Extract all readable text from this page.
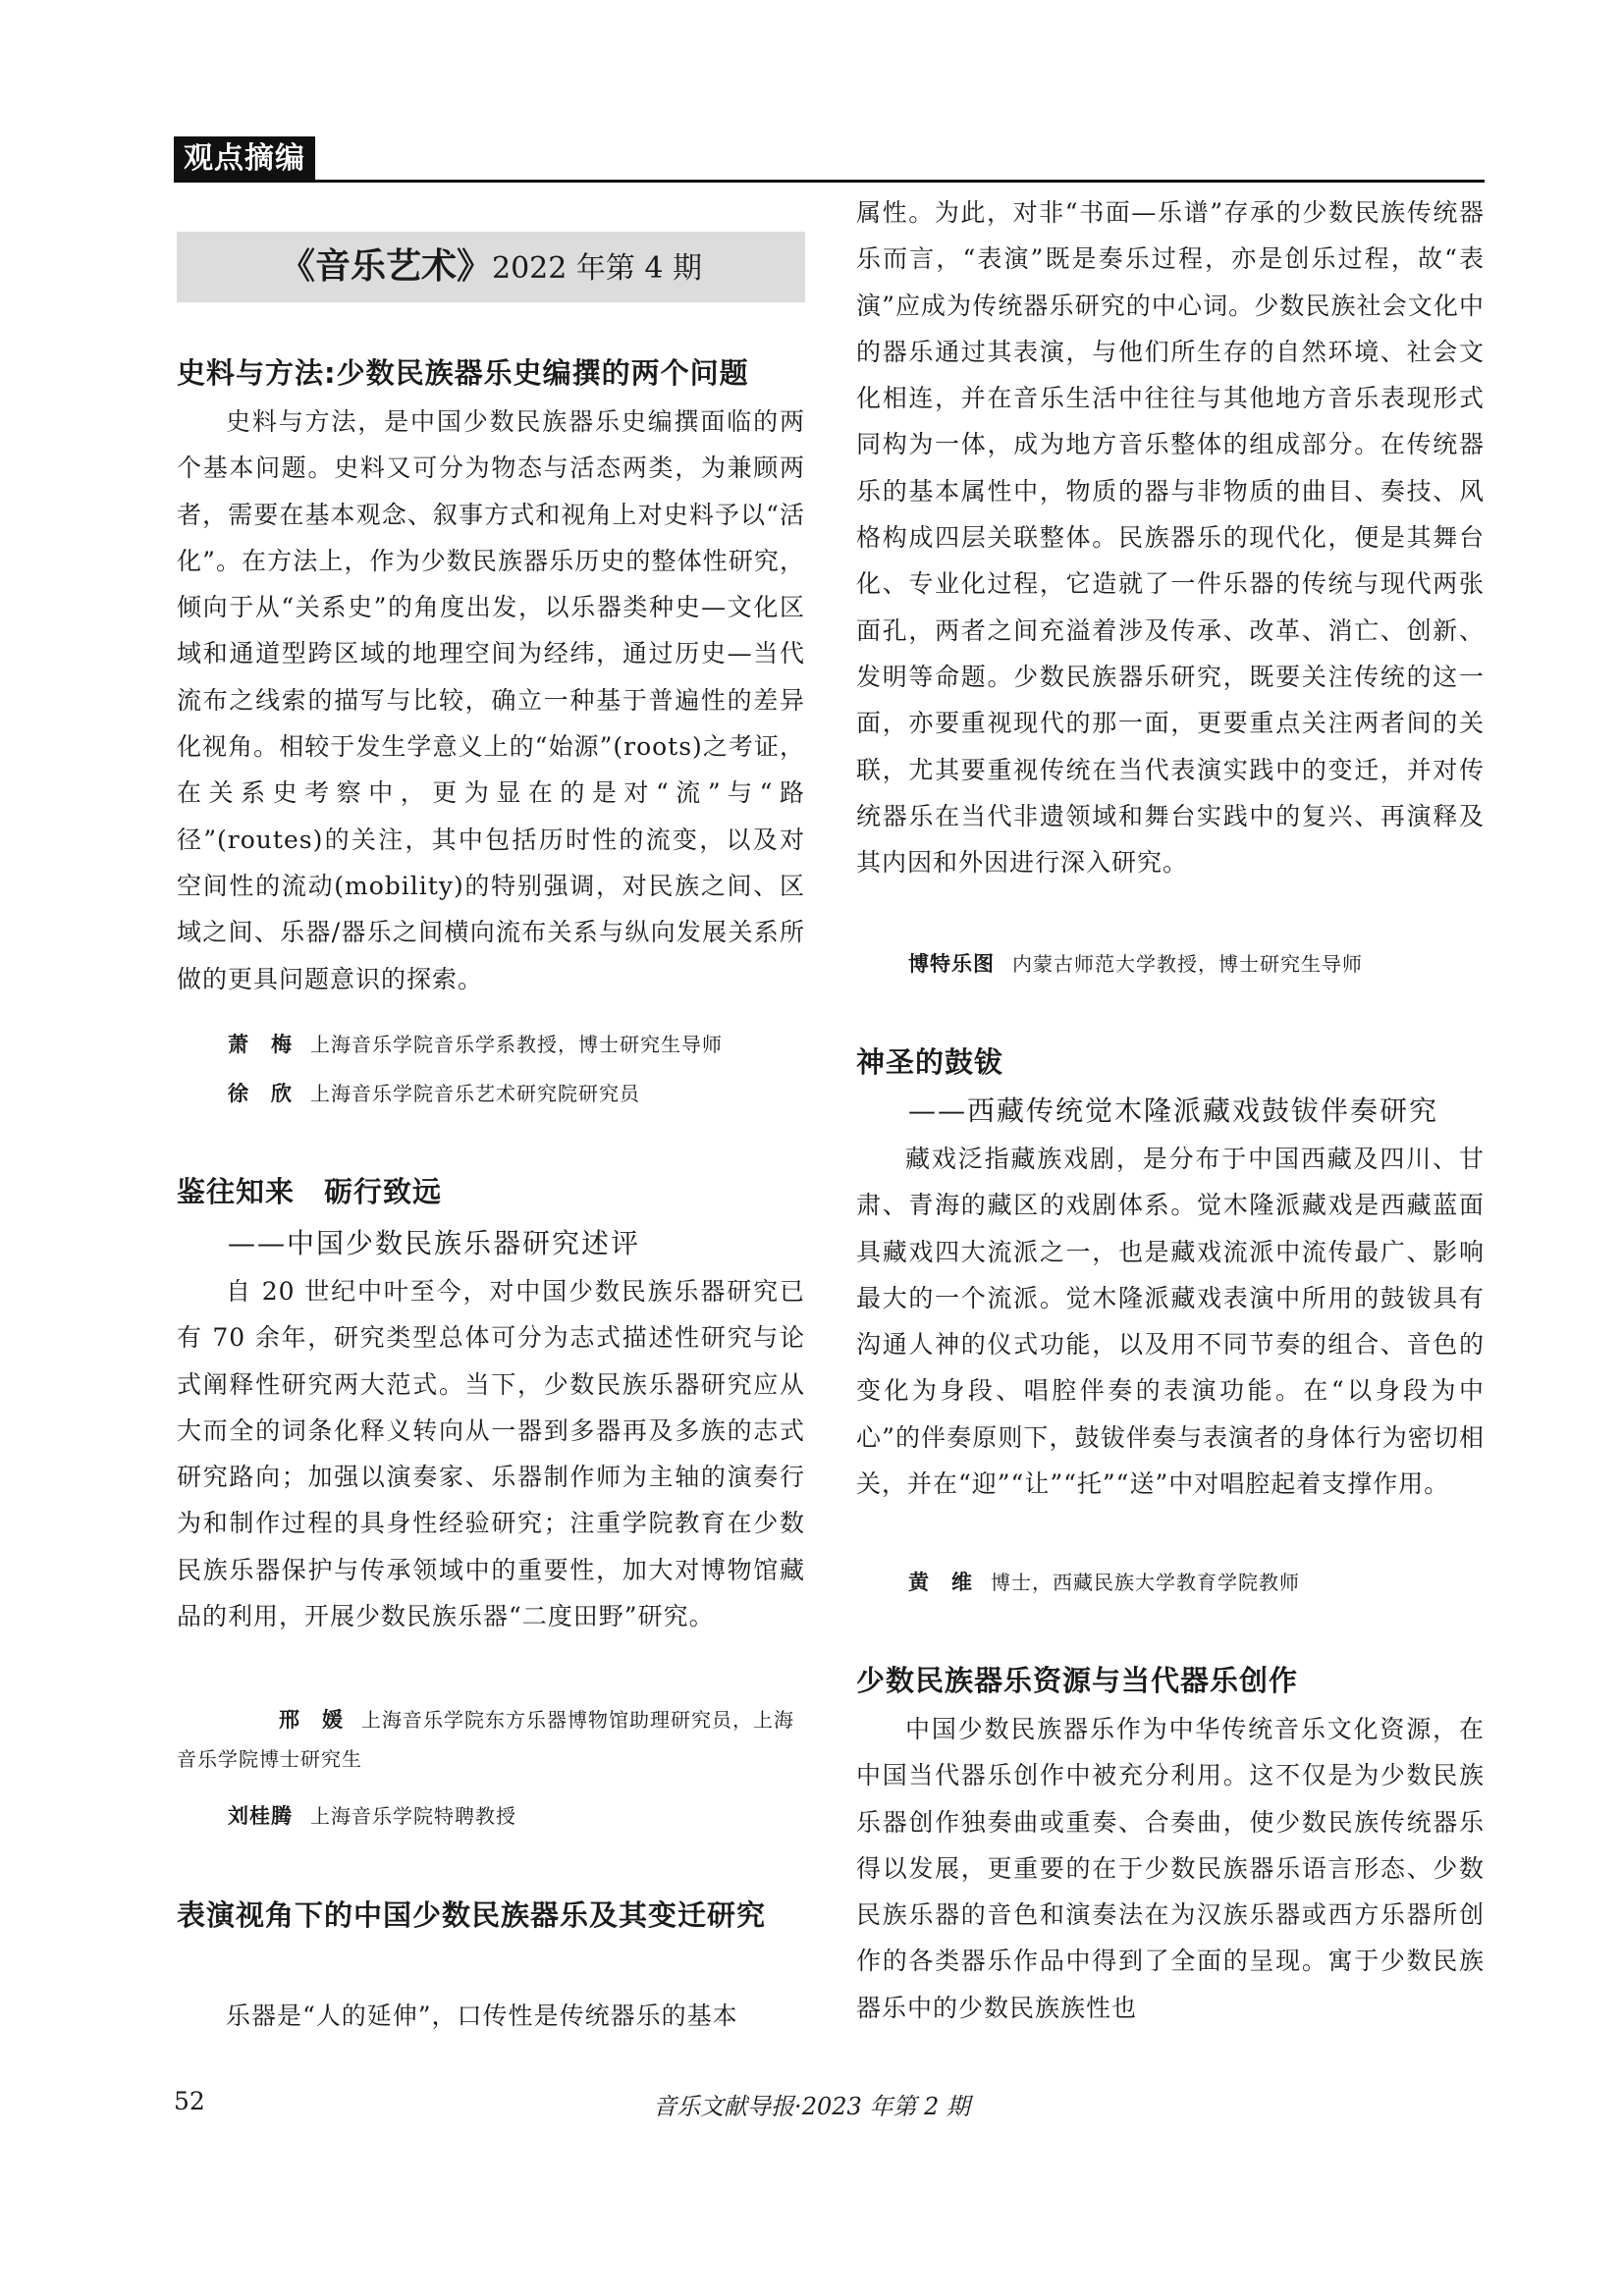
观点摘编
《音乐艺术》2022 年第 4 期
史料与方法:少数民族器乐史编撰的两个问题
史料与方法，是中国少数民族器乐史编撰面临的两个基本问题。史料又可分为物态与活态两类，为兼顾两者，需要在基本观念、叙事方式和视角上对史料予以“活化”。在方法上，作为少数民族器乐历史的整体性研究，倾向于从“关系史”的角度出发，以乐器类种史—文化区域和通道型跨区域的地理空间为经纬，通过历史—当代流布之线索的描写与比较，确立一种基于普遍性的差异化视角。相较于发生学意义上的“始源”(roots)之考证，在关系史考察中，更为显在的是对“流”与“路径”(routes)的关注，其中包括历时性的流变，以及对空间性的流动(mobility)的特别强调，对民族之间、区域之间、乐器/器乐之间横向流布关系与纵向发展关系所做的更具问题意识的探索。
萧　梅 上海音乐学院音乐学系教授，博士研究生导师
徐　欣 上海音乐学院音乐艺术研究院研究员
鉴往知来　砺行致远
——中国少数民族乐器研究述评
自 20 世纪中叶至今，对中国少数民族乐器研究已有 70 余年，研究类型总体可分为志式描述性研究与论式阐释性研究两大范式。当下，少数民族乐器研究应从大而全的词条化释义转向从一器到多器再及多族的志式研究路向；加强以演奏家、乐器制作师为主轴的演奏行为和制作过程的具身性经验研究；注重学院教育在少数民族乐器保护与传承领域中的重要性，加大对博物馆藏品的利用，开展少数民族乐器“二度田野”研究。
邢　媛 上海音乐学院东方乐器博物馆助理研究员，上海音乐学院博士研究生
刘桂腾 上海音乐学院特聘教授
表演视角下的中国少数民族器乐及其变迁研究
乐器是“人的延伸”，口传性是传统器乐的基本
属性。为此，对非“书面—乐谱”存承的少数民族传统器乐而言，“表演”既是奏乐过程，亦是创乐过程，故“表演”应成为传统器乐研究的中心词。少数民族社会文化中的器乐通过其表演，与他们所生存的自然环境、社会文化相连，并在音乐生活中往往与其他地方音乐表现形式同构为一体，成为地方音乐整体的组成部分。在传统器乐的基本属性中，物质的器与非物质的曲目、奏技、风格构成四层关联整体。民族器乐的现代化，便是其舞台化、专业化过程，它造就了一件乐器的传统与现代两张面孔，两者之间充溢着涉及传承、改革、消亡、创新、发明等命题。少数民族器乐研究，既要关注传统的这一面，亦要重视现代的那一面，更要重点关注两者间的关联，尤其要重视传统在当代表演实践中的变迁，并对传统器乐在当代非遗领域和舞台实践中的复兴、再演释及其内因和外因进行深入研究。
博特乐图 内蒙古师范大学教授，博士研究生导师
神圣的鼓钹
——西藏传统觉木隆派藏戏鼓钹伴奏研究
藏戏泛指藏族戏剧，是分布于中国西藏及四川、甘肃、青海的藏区的戏剧体系。觉木隆派藏戏是西藏蓝面具藏戏四大流派之一，也是藏戏流派中流传最广、影响最大的一个流派。觉木隆派藏戏表演中所用的鼓钹具有沟通人神的仪式功能，以及用不同节奏的组合、音色的变化为身段、唱腔伴奏的表演功能。在“以身段为中心”的伴奏原则下，鼓钹伴奏与表演者的身体行为密切相关，并在“迎”“让”“托”“送”中对唱腔起着支撑作用。
黄　维 博士，西藏民族大学教育学院教师
少数民族器乐资源与当代器乐创作
中国少数民族器乐作为中华传统音乐文化资源，在中国当代器乐创作中被充分利用。这不仅是为少数民族乐器创作独奏曲或重奏、合奏曲，使少数民族传统器乐得以发展，更重要的在于少数民族器乐语言形态、少数民族乐器的音色和演奏法在为汉族乐器或西方乐器所创作的各类器乐作品中得到了全面的呈现。寓于少数民族器乐中的少数民族族性也
52	音乐文献导报·2023 年第 2 期
